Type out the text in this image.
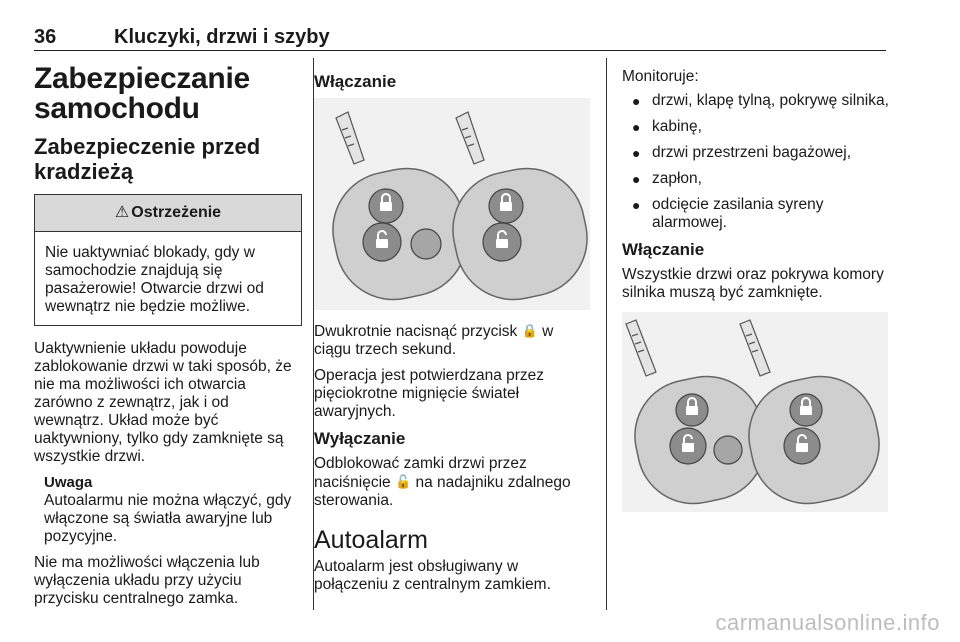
36	Kluczyki, drzwi i szyby
Zabezpieczanie samochodu
Zabezpieczenie przed kradzieżą
⚠ Ostrzeżenie
Nie uaktywniać blokady, gdy w samochodzie znajdują się pasażerowie! Otwarcie drzwi od wewnątrz nie będzie możliwe.

Uaktywnienie układu powoduje zablokowanie drzwi w taki sposób, że nie ma możliwości ich otwarcia zarówno z zewnątrz, jak i od wewnątrz. Układ może być uaktywniony, tylko gdy zamknięte są wszystkie drzwi.

Uwaga
Autoalarmu nie można włączyć, gdy włączone są światła awaryjne lub pozycyjne.

Nie ma możliwości włączenia lub wyłączenia układu przy użyciu przycisku centralnego zamka.

Włączanie

Dwukrotnie nacisnąć przycisk 🔒 w ciągu trzech sekund.

Operacja jest potwierdzana przez pięciokrotne mignięcie świateł awaryjnych.

Wyłączanie

Odblokować zamki drzwi przez naciśnięcie 🔓 na nadajniku zdalnego sterowania.

Autoalarm

Autoalarm jest obsługiwany w połączeniu z centralnym zamkiem.

Monitoruje:

● drzwi, klapę tylną, pokrywę silnika,
● kabinę,
● drzwi przestrzeni bagażowej,
● zapłon,
● odcięcie zasilania syreny alarmowej.
Włączanie

Wszystkie drzwi oraz pokrywa komory silnika muszą być zamknięte.

carmanualsonline.info
